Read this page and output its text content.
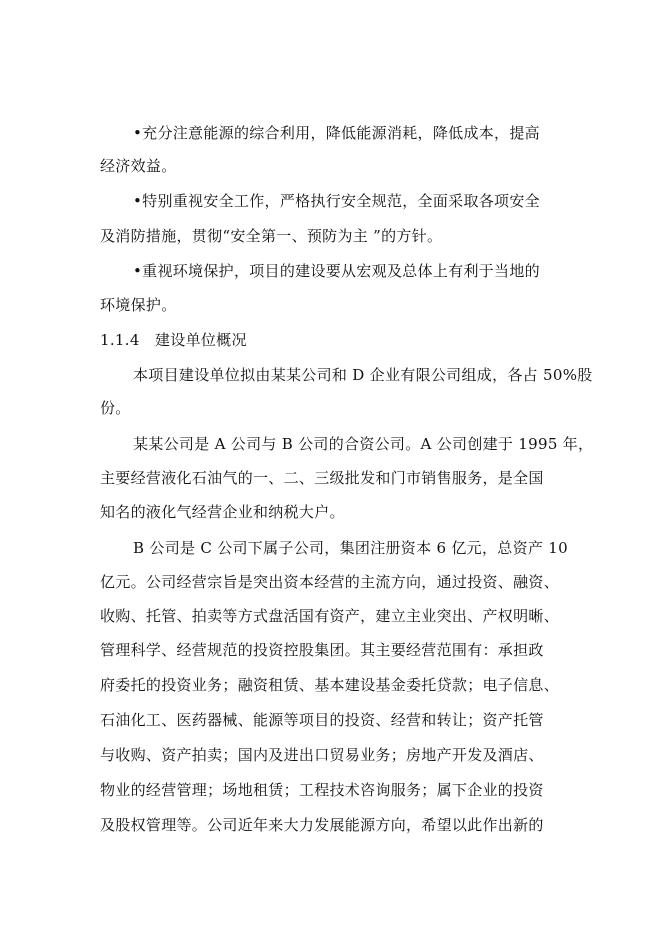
•充分注意能源的综合利用，降低能源消耗，降低成本，提高
经济效益。
•特别重视安全工作，严格执行安全规范，全面采取各项安全
及消防措施，贯彻“安全第一、预防为主 ”的方针。
•重视环境保护，项目的建设要从宏观及总体上有利于当地的
环境保护。
1.1.4　建设单位概况
本项目建设单位拟由某某公司和 D 企业有限公司组成，各占 50%股
份。
某某公司是 A 公司与 B 公司的合资公司。A 公司创建于 1995 年，
主要经营液化石油气的一、二、三级批发和门市销售服务，是全国
知名的液化气经营企业和纳税大户。
B 公司是 C 公司下属子公司，集团注册资本 6 亿元，总资产 10
亿元。公司经营宗旨是突出资本经营的主流方向，通过投资、融资、
收购、托管、拍卖等方式盘活国有资产，建立主业突出、产权明晰、
管理科学、经营规范的投资控股集团。其主要经营范围有：承担政
府委托的投资业务；融资租赁、基本建设基金委托贷款；电子信息、
石油化工、医药器械、能源等项目的投资、经营和转让；资产托管
与收购、资产拍卖；国内及进出口贸易业务；房地产开发及酒店、
物业的经营管理；场地租赁；工程技术咨询服务；属下企业的投资
及股权管理等。公司近年来大力发展能源方向，希望以此作出新的
